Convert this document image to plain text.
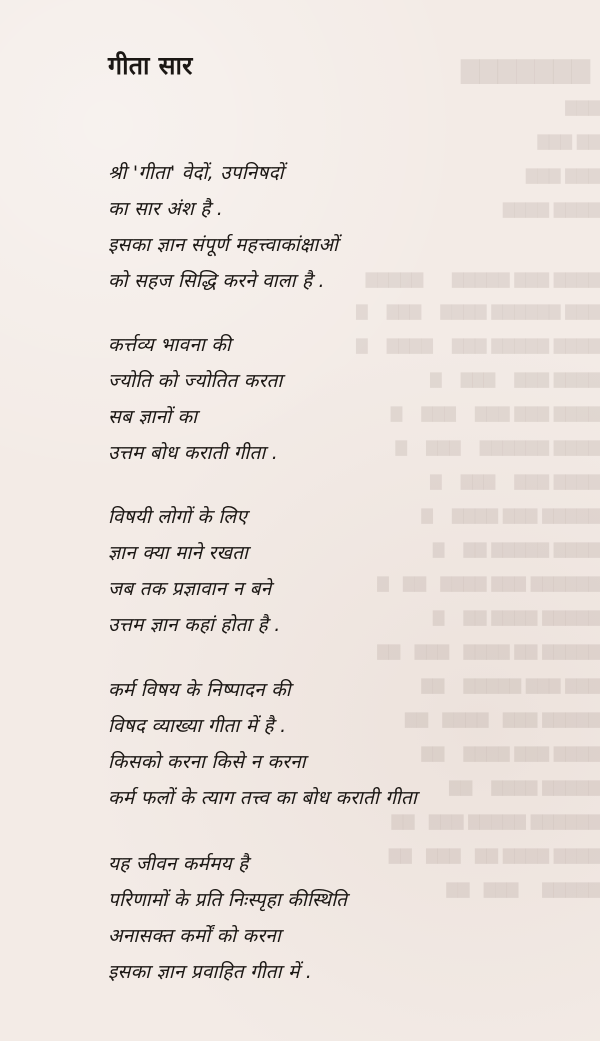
▇▇▇▇▇▇▇
▇▇▇
▇▇ ▇▇▇
▇▇▇ ▇▇▇
▇▇▇▇ ▇▇▇▇
▇▇▇▇ ▇▇▇ ▇▇▇▇▇      ▇▇▇▇▇
▇▇▇ ▇▇▇▇▇▇ ▇▇▇▇    ▇▇▇    ▇
▇▇▇▇ ▇▇▇▇▇ ▇▇▇    ▇▇▇▇    ▇
▇▇▇▇ ▇▇▇    ▇▇▇    ▇
▇▇▇▇ ▇▇▇ ▇▇▇    ▇▇▇    ▇
▇▇▇▇ ▇▇▇▇▇▇    ▇▇▇    ▇
▇▇▇▇ ▇▇▇    ▇▇▇    ▇
▇▇▇▇▇ ▇▇▇ ▇▇▇▇    ▇
▇▇▇▇ ▇▇▇▇▇ ▇▇    ▇
▇▇▇▇▇▇ ▇▇▇ ▇▇▇▇   ▇▇   ▇
▇▇▇▇▇ ▇▇▇▇ ▇▇    ▇
▇▇▇▇▇ ▇▇ ▇▇▇▇   ▇▇▇   ▇▇
▇▇▇ ▇▇▇ ▇▇▇▇▇    ▇▇
▇▇▇▇▇ ▇▇▇   ▇▇▇▇   ▇▇
▇▇▇▇ ▇▇▇ ▇▇▇▇    ▇▇
▇▇▇▇▇ ▇▇▇▇    ▇▇
▇▇▇▇▇▇ ▇▇▇▇▇ ▇▇▇   ▇▇
▇▇▇▇ ▇▇▇▇ ▇▇   ▇▇▇   ▇▇
▇▇▇▇▇     ▇▇▇   ▇▇
गीता सार
श्री 'गीता' वेदों, उपनिषदों
का सार अंश है .
इसका ज्ञान संपूर्ण महत्त्वाकांक्षाओं
को सहज सिद्धि करने वाला है .
कर्त्तव्य भावना की
ज्योति को ज्योतित करता
सब ज्ञानों का
उत्तम बोध कराती गीता .
विषयी लोगों के लिए
ज्ञान क्या माने रखता
जब तक प्रज्ञावान न बने
उत्तम ज्ञान कहां होता है .
कर्म विषय के निष्पादन की
विषद व्याख्या गीता में है .
किसको करना किसे न करना
कर्म फलों के त्याग तत्त्व का बोध कराती गीता
यह जीवन कर्ममय है
परिणामों के प्रति निःस्पृहा कीस्थिति
अनासक्त कर्मों को करना
इसका ज्ञान प्रवाहित गीता में .
